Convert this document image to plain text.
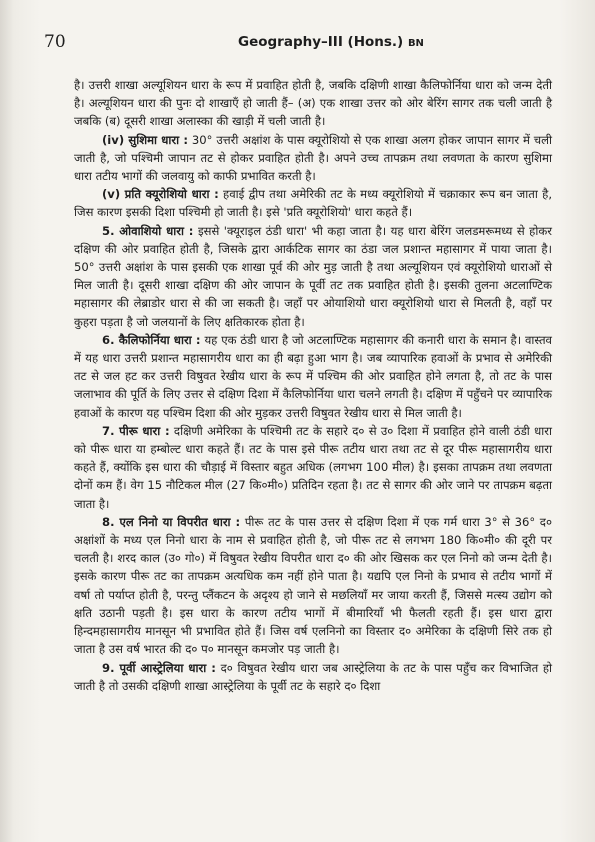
70	Geography–III (Hons.) BN

है। उत्तरी शाखा अल्यूशियन धारा के रूप में प्रवाहित होती है, जबकि दक्षिणी शाखा कैलिफोर्निया धारा को जन्म देती है। अल्यूशियन धारा की पुनः दो शाखाएँ हो जाती हैं– (अ) एक शाखा उत्तर को ओर बेरिंग सागर तक चली जाती है जबकि (ब) दूसरी शाखा अलास्का की खाड़ी में चली जाती है।

(iv) सुशिमा धारा : 30° उत्तरी अक्षांश के पास क्यूरोशियो से एक शाखा अलग होकर जापान सागर में चली जाती है, जो पश्चिमी जापान तट से होकर प्रवाहित होती है। अपने उच्च तापक्रम तथा लवणता के कारण सुशिमा धारा तटीय भागों की जलवायु को काफी प्रभावित करती है।

(v) प्रति क्यूरोशियो धारा : हवाई द्वीप तथा अमेरिकी तट के मध्य क्यूरोशियो में चक्राकार रूप बन जाता है, जिस कारण इसकी दिशा पश्चिमी हो जाती है। इसे 'प्रति क्यूरोशियो' धारा कहते हैं।

5. ओवाशियो धारा : इससे 'क्यूराइल ठंडी धारा' भी कहा जाता है। यह धारा बेरिंग जलडमरूमध्य से होकर दक्षिण की ओर प्रवाहित होती है, जिसके द्वारा आर्कटिक सागर का ठंडा जल प्रशान्त महासागर में पाया जाता है। 50° उत्तरी अक्षांश के पास इसकी एक शाखा पूर्व की ओर मुड़ जाती है तथा अल्यूशियन एवं क्यूरोशियो धाराओं से मिल जाती है। दूसरी शाखा दक्षिण की ओर जापान के पूर्वी तट तक प्रवाहित होती है। इसकी तुलना अटलाण्टिक महासागर की लेब्राडोर धारा से की जा सकती है। जहाँ पर ओयाशियो धारा क्यूरोशियो धारा से मिलती है, वहाँ पर कुहरा पड़ता है जो जलयानों के लिए क्षतिकारक होता है।

6. कैलिफोर्निया धारा : यह एक ठंडी धारा है जो अटलाण्टिक महासागर की कनारी धारा के समान है। वास्तव में यह धारा उत्तरी प्रशान्त महासागरीय धारा का ही बढ़ा हुआ भाग है। जब व्यापारिक हवाओं के प्रभाव से अमेरिकी तट से जल हट कर उत्तरी विषुवत रेखीय धारा के रूप में पश्चिम की ओर प्रवाहित होने लगता है, तो तट के पास जलाभाव की पूर्ति के लिए उत्तर से दक्षिण दिशा में कैलिफोर्निया धारा चलने लगती है। दक्षिण में पहुँचने पर व्यापारिक हवाओं के कारण यह पश्चिम दिशा की ओर मुड़कर उत्तरी विषुवत रेखीय धारा से मिल जाती है।

7. पीरू धारा : दक्षिणी अमेरिका के पश्चिमी तट के सहारे द० से उ० दिशा में प्रवाहित होने वाली ठंडी धारा को पीरू धारा या हम्बोल्ट धारा कहते हैं। तट के पास इसे पीरू तटीय धारा तथा तट से दूर पीरू महासागरीय धारा कहते हैं, क्योंकि इस धारा की चौड़ाई में विस्तार बहुत अधिक (लगभग 100 मील) है। इसका तापक्रम तथा लवणता दोनों कम हैं। वेग 15 नौटिकल मील (27 कि०मी०) प्रतिदिन रहता है। तट से सागर की ओर जाने पर तापक्रम बढ़ता जाता है।

8. एल निनो या विपरीत धारा : पीरू तट के पास उत्तर से दक्षिण दिशा में एक गर्म धारा 3° से 36° द० अक्षांशों के मध्य एल निनो धारा के नाम से प्रवाहित होती है, जो पीरू तट से लगभग 180 कि०मी० की दूरी पर चलती है। शरद काल (उ० गो०) में विषुवत रेखीय विपरीत धारा द० की ओर खिसक कर एल निनो को जन्म देती है। इसके कारण पीरू तट का तापक्रम अत्यधिक कम नहीं होने पाता है। यद्यपि एल निनो के प्रभाव से तटीय भागों में वर्षा तो पर्याप्त होती है, परन्तु प्लैंकटन के अदृश्य हो जाने से मछलियाँ मर जाया करती हैं, जिससे मत्स्य उद्योग को क्षति उठानी पड़ती है। इस धारा के कारण तटीय भागों में बीमारियाँ भी फैलती रहती हैं। इस धारा द्वारा हिन्दमहासागरीय मानसून भी प्रभावित होते हैं। जिस वर्ष एलनिनो का विस्तार द० अमेरिका के दक्षिणी सिरे तक हो जाता है उस वर्ष भारत की द० प० मानसून कमजोर पड़ जाती है।

9. पूर्वी आस्ट्रेलिया धारा : द० विषुवत रेखीय धारा जब आस्ट्रेलिया के तट के पास पहुँच कर विभाजित हो जाती है तो उसकी दक्षिणी शाखा आस्ट्रेलिया के पूर्वी तट के सहारे द० दिशा
